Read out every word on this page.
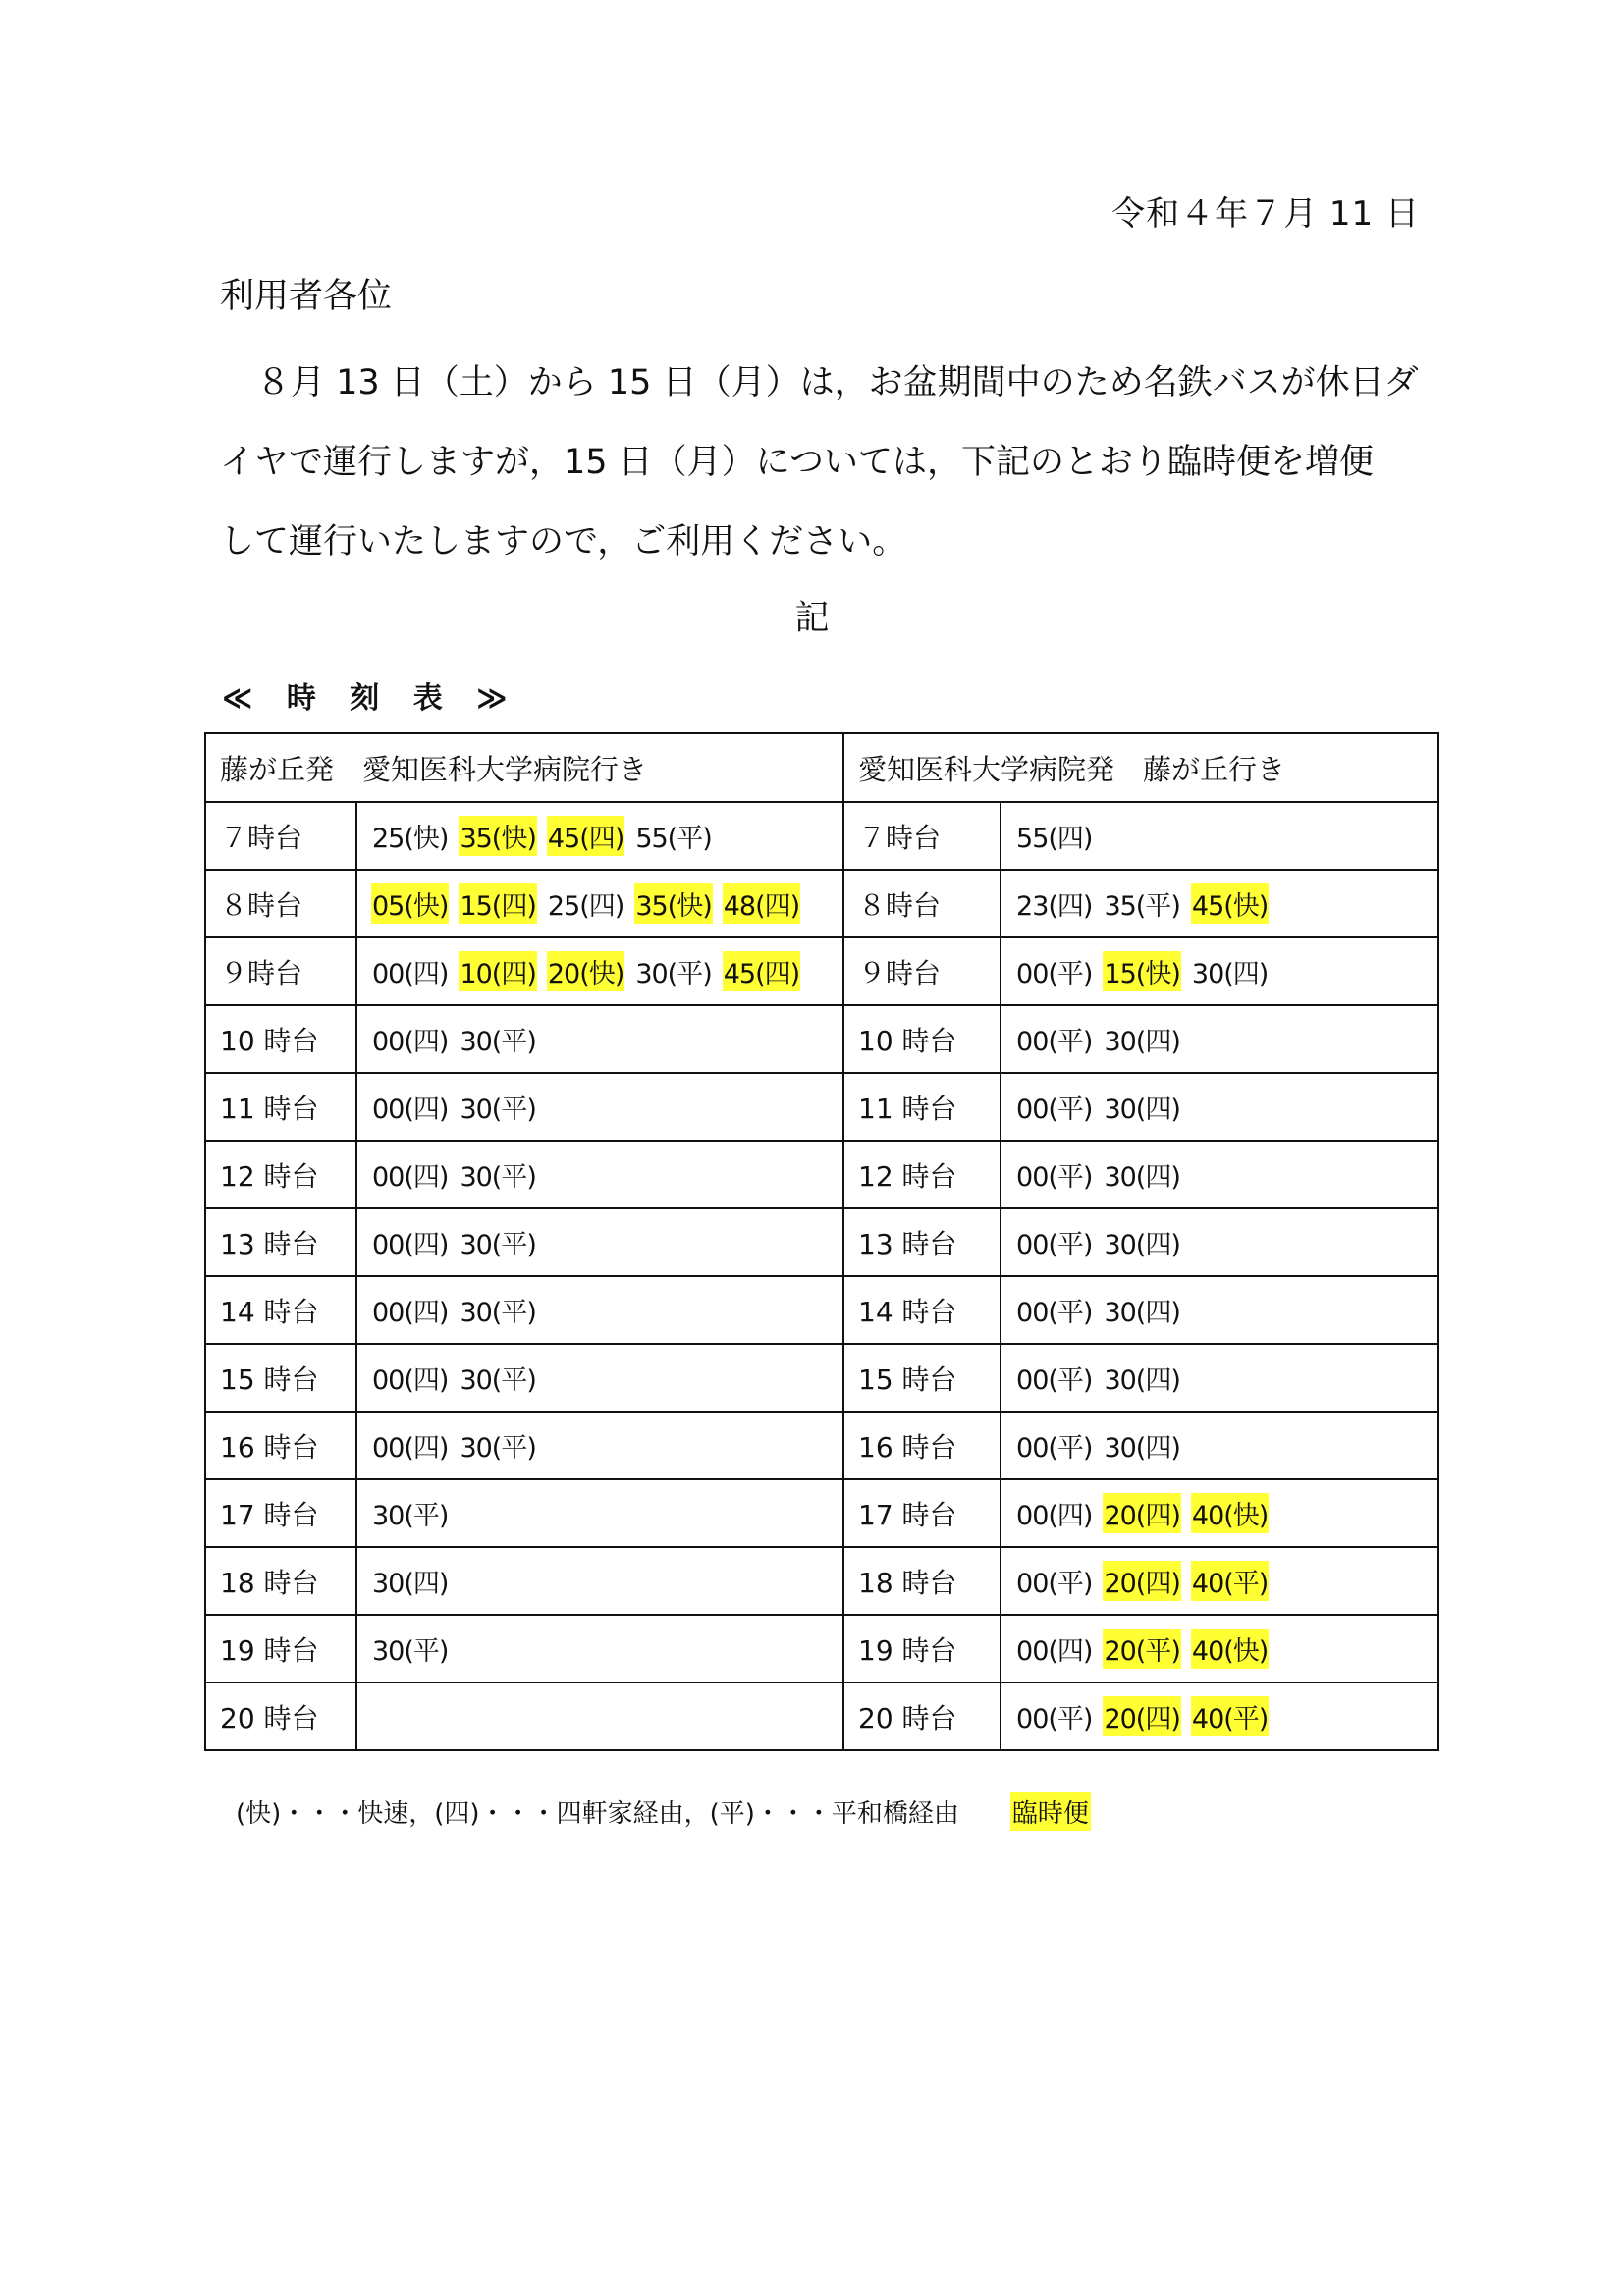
令和４年７月 11 日
利用者各位
８月 13 日（土）から 15 日（月）は，お盆期間中のため名鉄バスが休日ダ
イヤで運行しますが，15 日（月）については，下記のとおり臨時便を増便
して運行いたしますので，ご利用ください。
記
≪ 時 刻 表 ≫
藤が丘発　愛知医科大学病院行き		愛知医科大学病院発　藤が丘行き	
７時台	25(快) 35(快) 45(四) 55(平)	７時台	55(四)
８時台	05(快) 15(四) 25(四) 35(快) 48(四)	８時台	23(四) 35(平) 45(快)
９時台	00(四) 10(四) 20(快) 30(平) 45(四)	９時台	00(平) 15(快) 30(四)
10 時台	00(四) 30(平)	10 時台	00(平) 30(四)
11 時台	00(四) 30(平)	11 時台	00(平) 30(四)
12 時台	00(四) 30(平)	12 時台	00(平) 30(四)
13 時台	00(四) 30(平)	13 時台	00(平) 30(四)
14 時台	00(四) 30(平)	14 時台	00(平) 30(四)
15 時台	00(四) 30(平)	15 時台	00(平) 30(四)
16 時台	00(四) 30(平)	16 時台	00(平) 30(四)
17 時台	30(平)	17 時台	00(四) 20(四) 40(快)
18 時台	30(四)	18 時台	00(平) 20(四) 40(平)
19 時台	30(平)	19 時台	00(四) 20(平) 40(快)
20 時台		20 時台	00(平) 20(四) 40(平)
(快)・・・快速，(四)・・・四軒家経由，(平)・・・平和橋経由 臨時便
